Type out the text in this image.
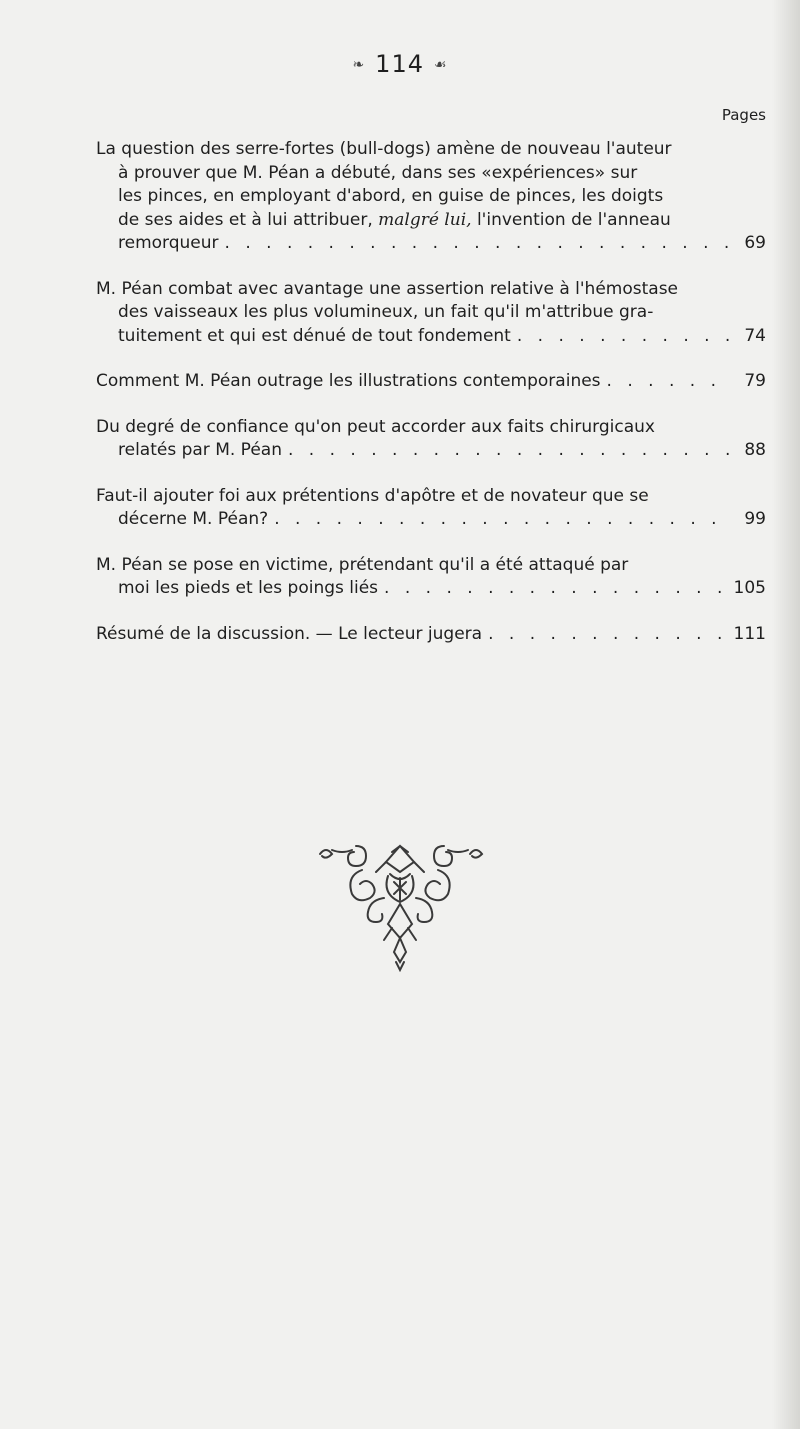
❧ 114 ☙
Pages
La question des serre-fortes (bull-dogs) amène de nouveau l'auteur
à prouver que M. Péan a débuté, dans ses «expériences» sur
les pinces, en employant d'abord, en guise de pinces, les doigts
de ses aides et à lui attribuer, malgré lui, l'invention de l'anneau
remorqueur . . .	69
M. Péan combat avec avantage une assertion relative à l'hémostase
des vaisseaux les plus volumineux, un fait qu'il m'attribue gra-
tuitement et qui est dénué de tout fondement . . .	74
Comment M. Péan outrage les illustrations contemporaines . . .	79
Du degré de confiance qu'on peut accorder aux faits chirurgicaux
relatés par M. Péan . . .	88
Faut-il ajouter foi aux prétentions d'apôtre et de novateur que se
décerne M. Péan? . . .	99
M. Péan se pose en victime, prétendant qu'il a été attaqué par
moi les pieds et les poings liés . . .	105
Résumé de la discussion. — Le lecteur jugera . . .	111
